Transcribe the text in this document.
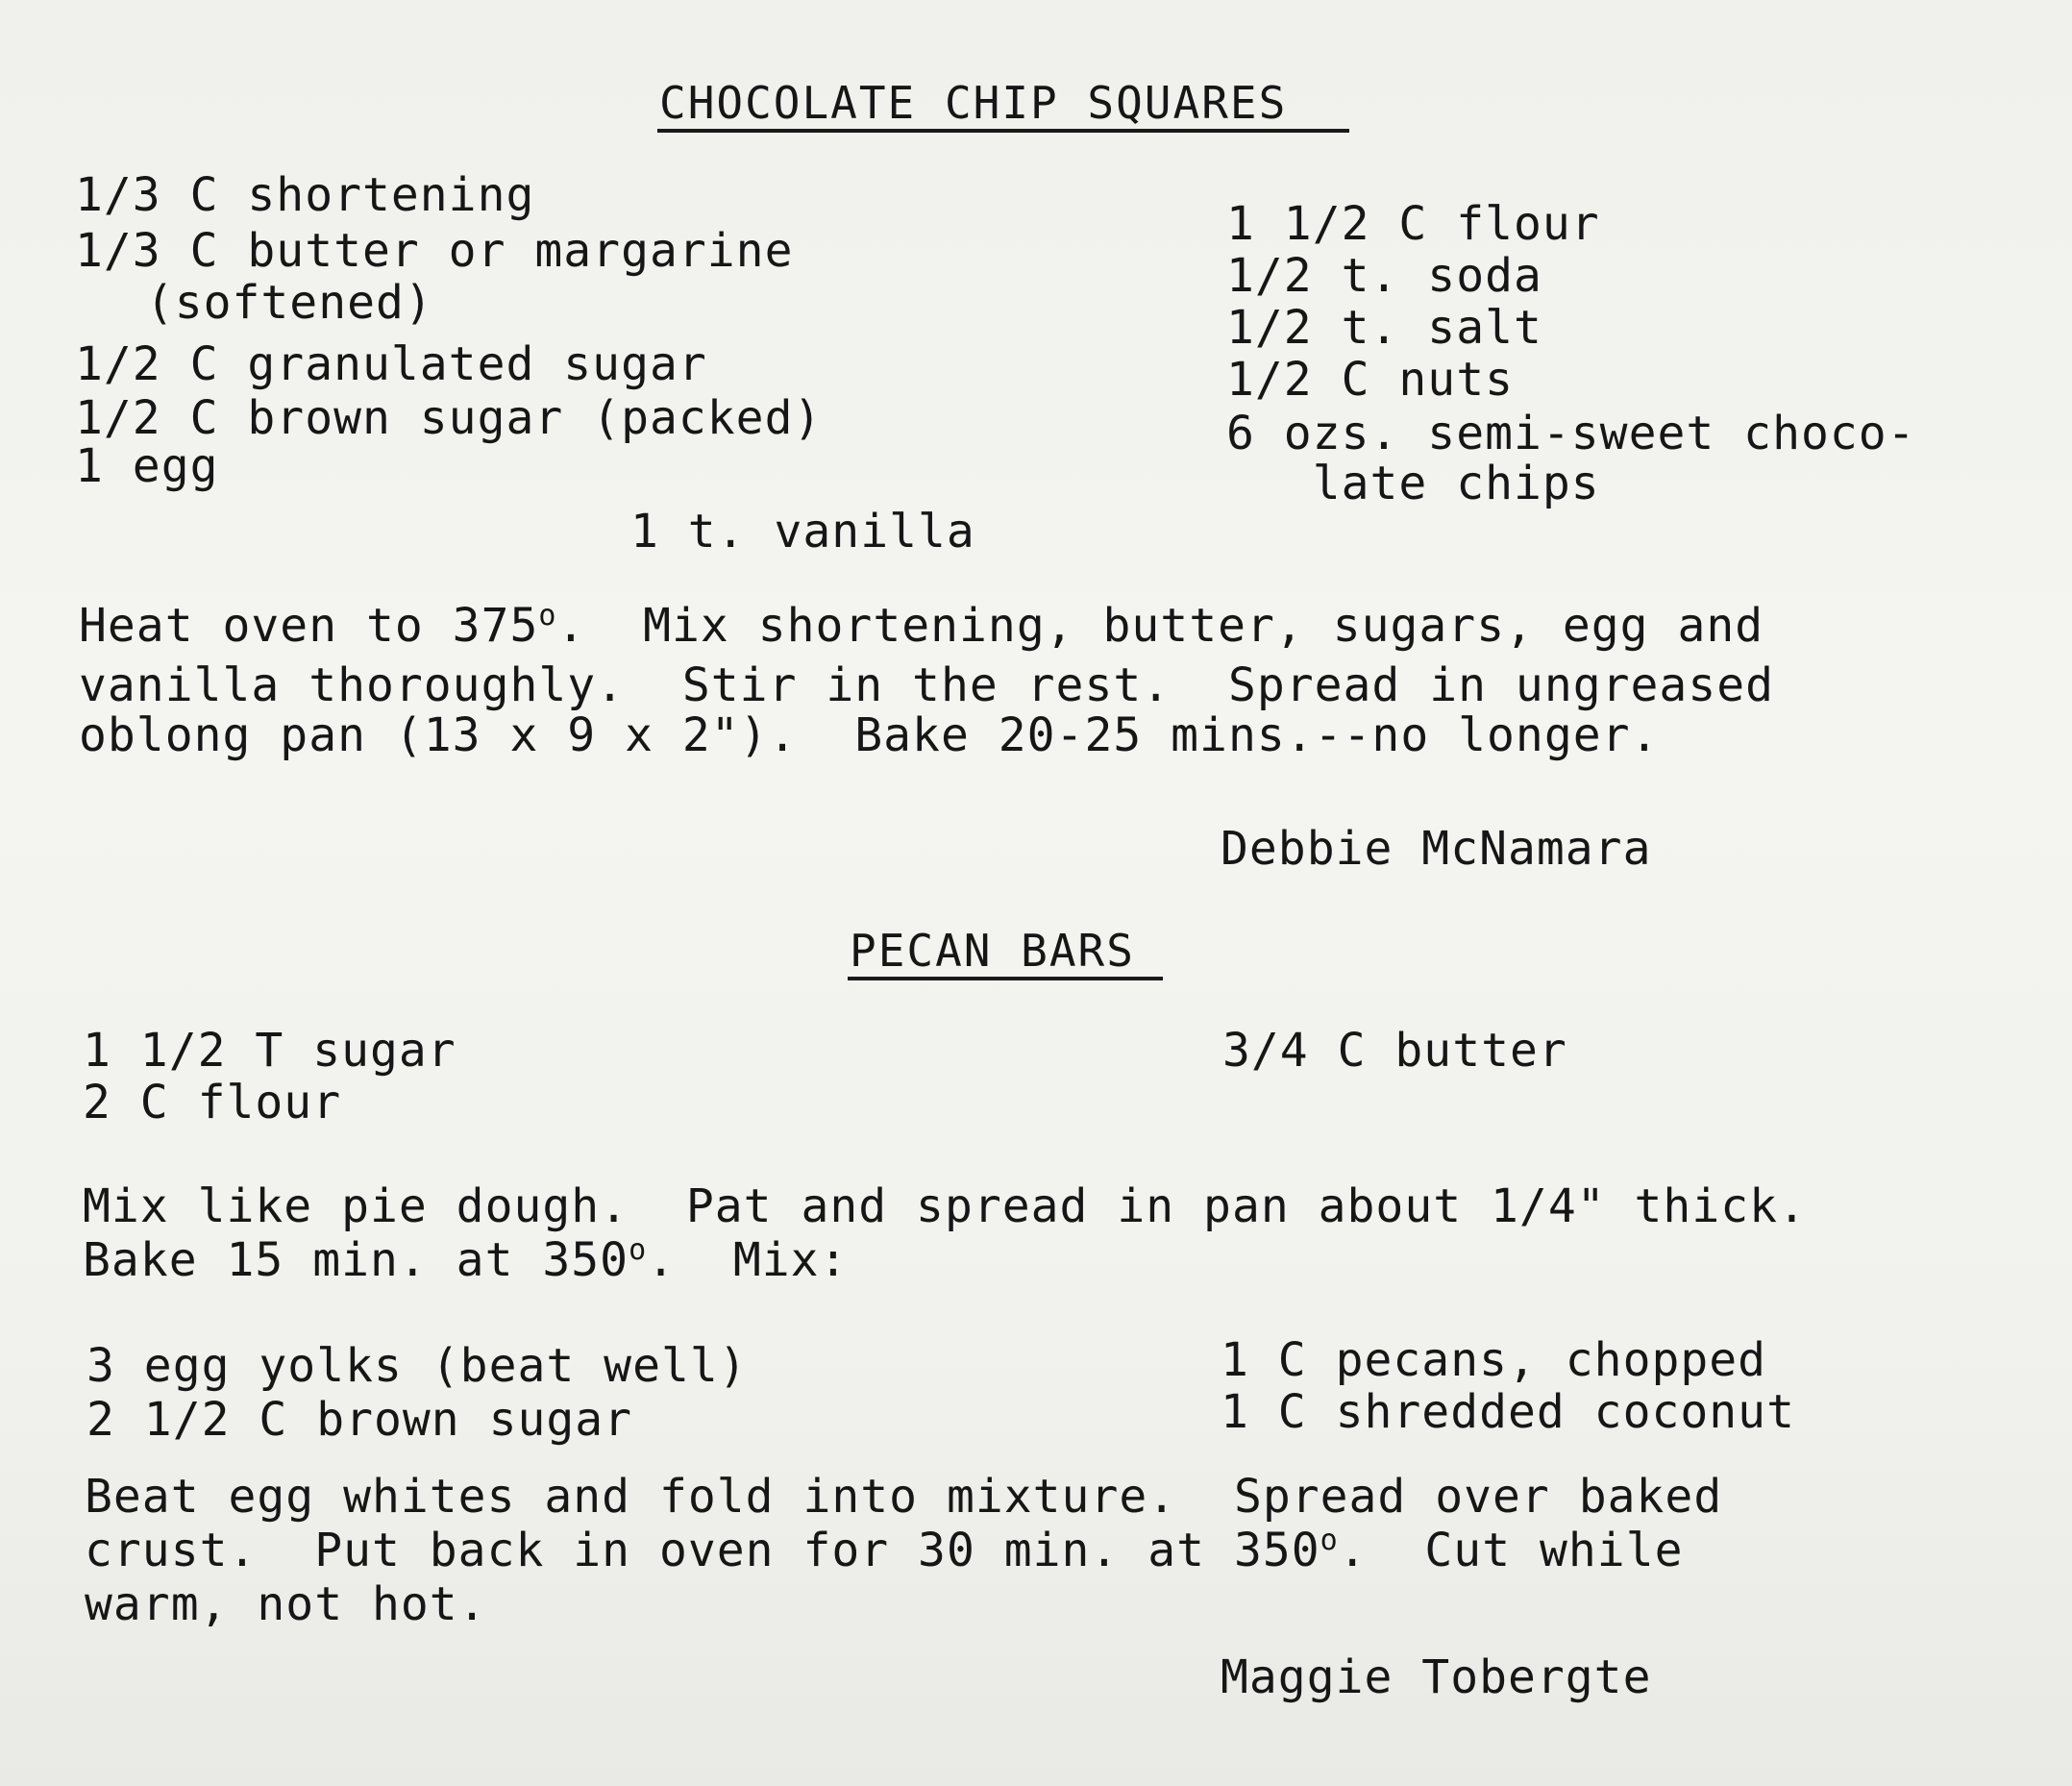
CHOCOLATE CHIP SQUARES
1/3 C shortening
1/3 C butter or margarine
(softened)
1/2 C granulated sugar
1/2 C brown sugar (packed)
1 egg
1 t. vanilla
1 1/2 C flour
1/2 t. soda
1/2 t. salt
1/2 C nuts
6 ozs. semi-sweet choco-
late chips
Heat oven to 375$^o$.  Mix shortening, butter, sugars, egg and
vanilla thoroughly.  Stir in the rest.  Spread in ungreased
oblong pan (13 x 9 x 2").  Bake 20-25 mins.--no longer.
Debbie McNamara
PECAN BARS
1 1/2 T sugar
2 C flour
3/4 C butter
Mix like pie dough.  Pat and spread in pan about 1/4" thick.
Bake 15 min. at 350$^o$.  Mix:
3 egg yolks (beat well)
2 1/2 C brown sugar
1 C pecans, chopped
1 C shredded coconut
Beat egg whites and fold into mixture.  Spread over baked
crust.  Put back in oven for 30 min. at 350$^o$.  Cut while
warm, not hot.
Maggie Tobergte
